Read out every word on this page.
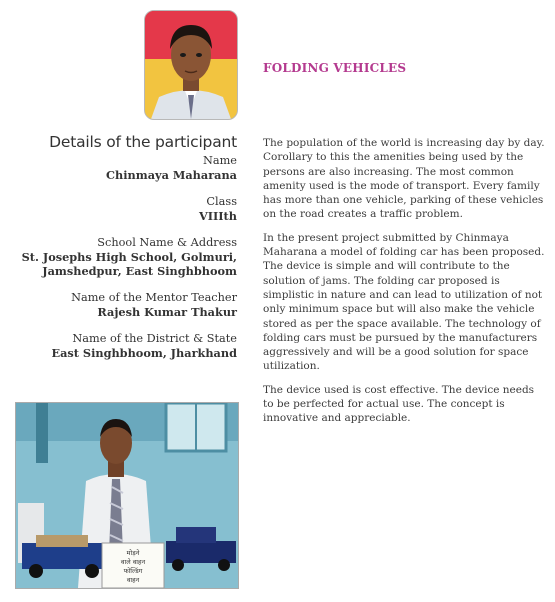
FOLDING VEHICLES
Details of the participant
Name
Chinmaya Maharana
Class
VIIIth
School Name & Address
St. Josephs High School, Golmuri,
Jamshedpur, East Singhbhoom
Name of the Mentor Teacher
Rajesh Kumar Thakur
Name of the District & State
East Singhbhoom, Jharkhand

The population of the world is increasing day by day. Corollary to this the amenities being used by the persons are also increasing. The most common amenity used is the mode of transport. Every family has more than one vehicle, parking of these vehicles on the road creates a traffic problem.

In the present project submitted by Chinmaya Maharana a model of folding car has been proposed. The device is simple and will contribute to the solution of jams. The folding car proposed is simplistic in nature and can lead to utilization of not only minimum space but will also make the vehicle stored as per the space available. The technology of folding cars must be pursued by the manufacturers aggressively and will be a good solution for space utilization.

The device used is cost effective. The device needs to be perfected for actual use. The concept is innovative and appreciable.

मोड़ने
वाले वाहन
फोल्डिंग
वाहन
